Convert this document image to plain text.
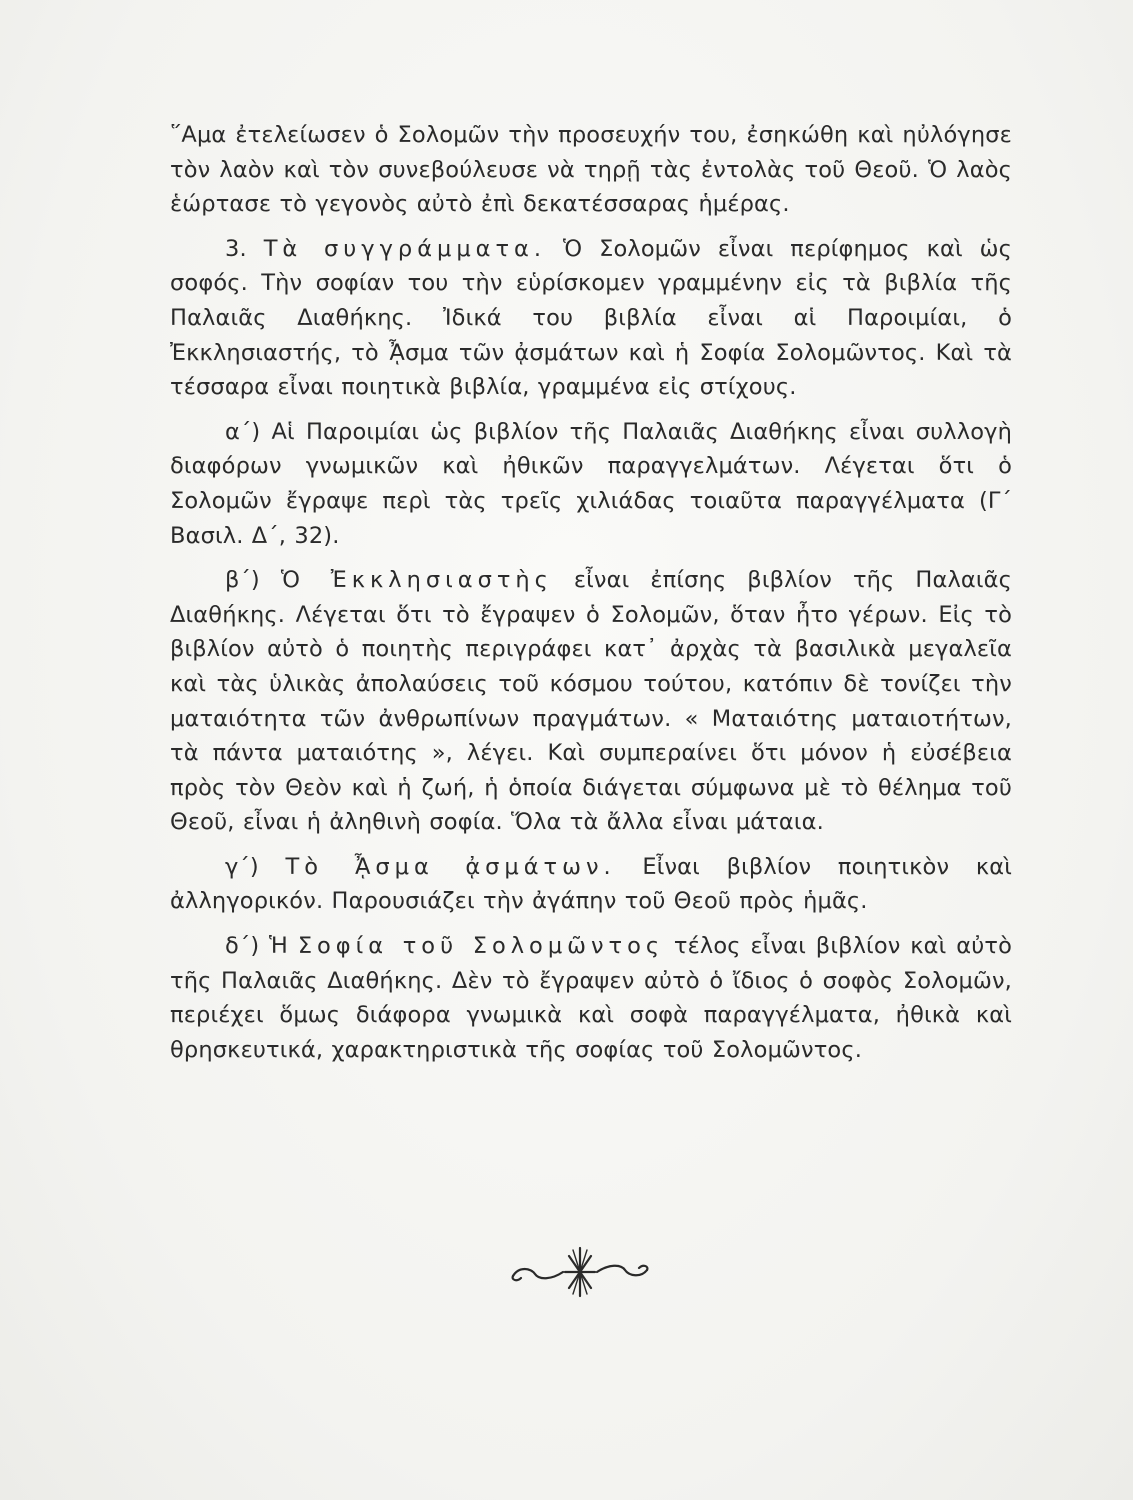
῞Αμα ἐτελείωσεν ὁ Σολομῶν τὴν προσευχήν του, ἐσηκώθη καὶ ηὐλόγησε τὸν λαὸν καὶ τὸν συνεβούλευσε νὰ τηρῇ τὰς ἐντολὰς τοῦ Θεοῦ. Ὁ λαὸς ἑώρτασε τὸ γεγονὸς αὐτὸ ἐπὶ δεκατέσσαρας ἡμέρας.

3. Τὰ συγγράμματα. Ὁ Σολομῶν εἶναι περίφημος καὶ ὡς σοφός. Τὴν σοφίαν του τὴν εὑρίσκομεν γραμμένην εἰς τὰ βιβλία τῆς Παλαιᾶς Διαθήκης. Ἰδικά του βιβλία εἶναι αἱ Παροιμίαι, ὁ Ἐκκλησιαστής, τὸ ᾎσμα τῶν ᾀσμάτων καὶ ἡ Σοφία Σολομῶντος. Καὶ τὰ τέσσαρα εἶναι ποιητικὰ βιβλία, γραμμένα εἰς στίχους.

α΄) Αἱ Παροιμίαι ὡς βιβλίον τῆς Παλαιᾶς Διαθήκης εἶναι συλλογὴ διαφόρων γνωμικῶν καὶ ἠθικῶν παραγγελμάτων. Λέγεται ὅτι ὁ Σολομῶν ἔγραψε περὶ τὰς τρεῖς χιλιάδας τοιαῦτα παραγγέλματα (Γ΄ Βασιλ. Δ΄, 32).

β΄) Ὁ Ἐκκλησιαστὴς εἶναι ἐπίσης βιβλίον τῆς Παλαιᾶς Διαθήκης. Λέγεται ὅτι τὸ ἔγραψεν ὁ Σολομῶν, ὅταν ἦτο γέρων. Εἰς τὸ βιβλίον αὐτὸ ὁ ποιητὴς περιγράφει κατ᾽ ἀρχὰς τὰ βασιλικὰ μεγαλεῖα καὶ τὰς ὑλικὰς ἀπολαύσεις τοῦ κόσμου τούτου, κατόπιν δὲ τονίζει τὴν ματαιότητα τῶν ἀνθρωπίνων πραγμάτων. « Ματαιότης ματαιοτήτων, τὰ πάντα ματαιότης », λέγει. Καὶ συμπεραίνει ὅτι μόνον ἡ εὐσέβεια πρὸς τὸν Θεὸν καὶ ἡ ζωή, ἡ ὁποία διάγεται σύμφωνα μὲ τὸ θέλημα τοῦ Θεοῦ, εἶναι ἡ ἀληθινὴ σοφία. Ὅλα τὰ ἄλλα εἶναι μάταια.

γ΄) Τὸ ᾎσμα ᾀσμάτων. Εἶναι βιβλίον ποιητικὸν καὶ ἀλληγορικόν. Παρουσιάζει τὴν ἀγάπην τοῦ Θεοῦ πρὸς ἡμᾶς.

δ΄) Ἡ Σοφία τοῦ Σολομῶντος τέλος εἶναι βιβλίον καὶ αὐτὸ τῆς Παλαιᾶς Διαθήκης. Δὲν τὸ ἔγραψεν αὐτὸ ὁ ἴδιος ὁ σοφὸς Σολομῶν, περιέχει ὅμως διάφορα γνωμικὰ καὶ σοφὰ παραγγέλματα, ἠθικὰ καὶ θρησκευτικά, χαρακτηριστικὰ τῆς σοφίας τοῦ Σολομῶντος.
